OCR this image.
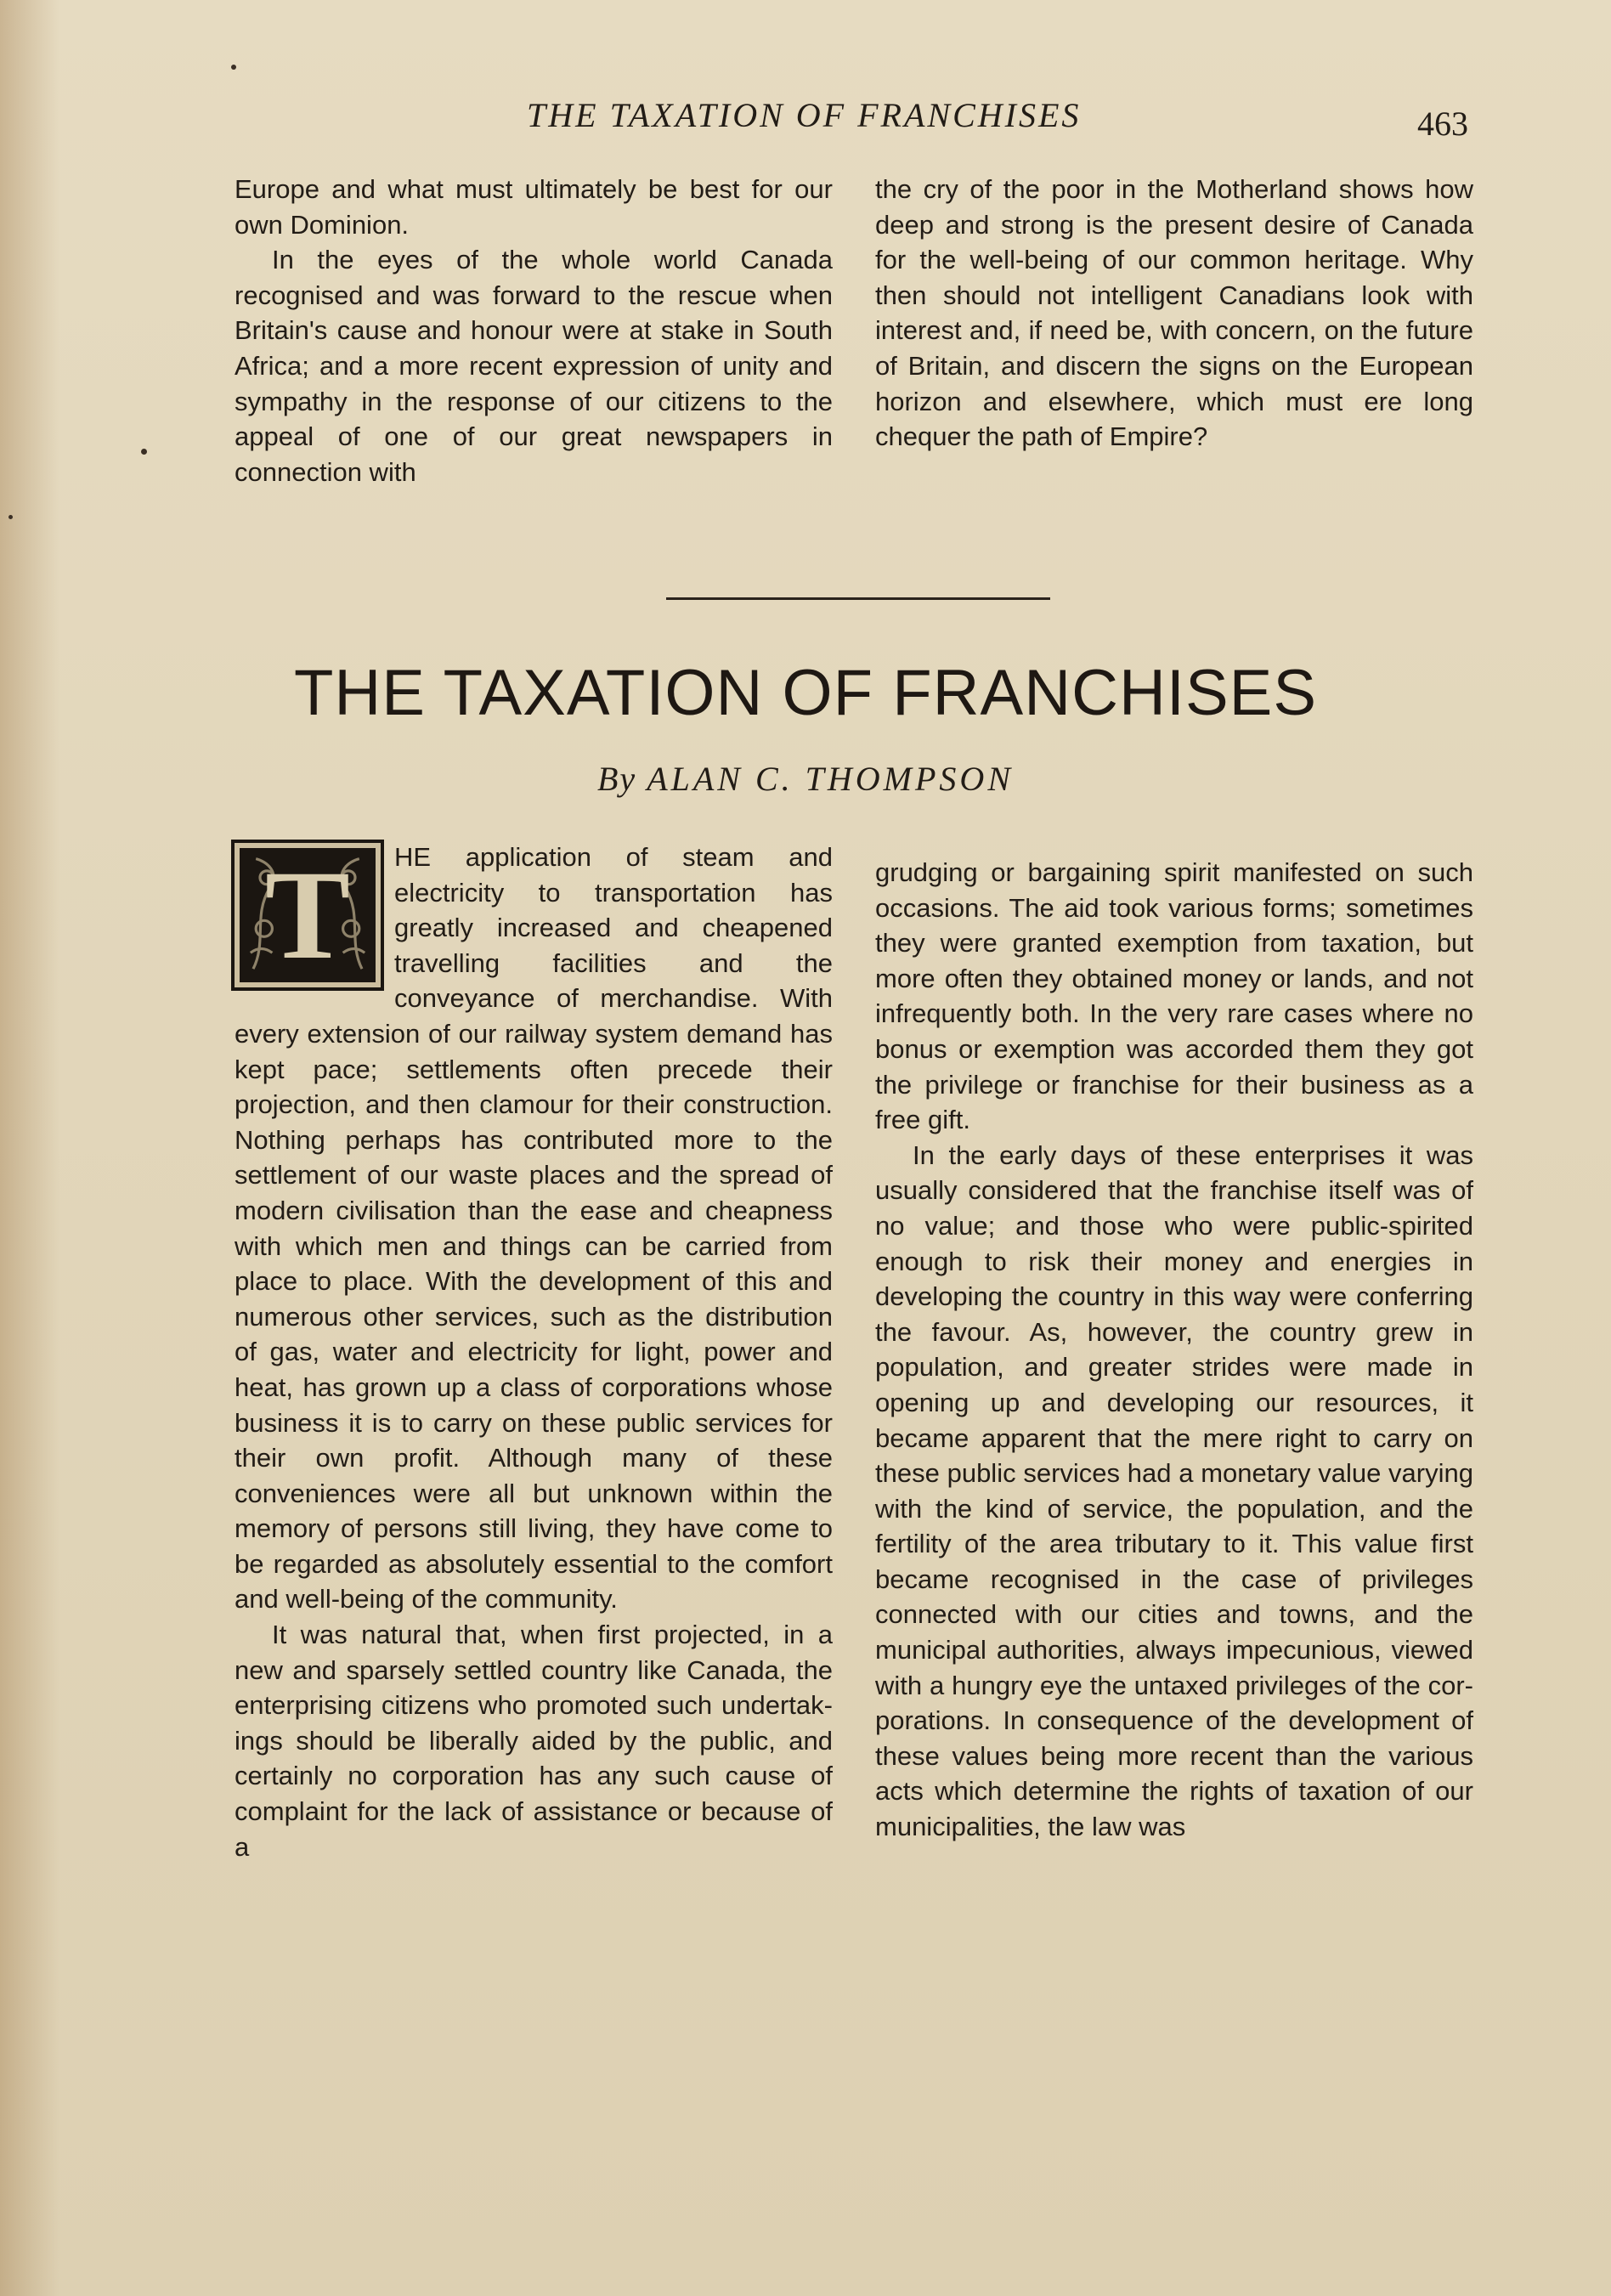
THE TAXATION OF FRANCHISES	463

Europe and what must ultimately be best for our own Dominion.

In the eyes of the whole world Canada recognised and was forward to the rescue when Britain's cause and honour were at stake in South Africa; and a more recent expression of unity and sympathy in the response of our citizens to the appeal of one of our great newspapers in connection with

the cry of the poor in the Motherland shows how deep and strong is the present desire of Canada for the well-being of our common heritage. Why then should not intelligent Canadians look with interest and, if need be, with concern, on the future of Britain, and discern the signs on the European horizon and elsewhere, which must ere long chequer the path of Empire?

THE TAXATION OF FRANCHISES
By ALAN C. THOMPSON

T	HE application of steam and electricity to transportation has greatly increased and cheapened travelling facilities and the conveyance of merchandise. With every extension of our railway system demand has kept pace; settlements often precede their projection, and then clamour for their construction. Nothing perhaps has contributed more to the settlement of our waste places and the spread of modern civilisation than the ease and cheapness with which men and things can be carried from place to place. With the development of this and numerous other services, such as the distribution of gas, water and electricity for light, power and heat, has grown up a class of corporations whose business it is to carry on these public services for their own profit. Although many of these conveniences were all but unknown within the memory of persons still living, they have come to be regarded as absolutely essential to the comfort and well-being of the community.

It was natural that, when first projected, in a new and sparsely settled country like Canada, the enterprising citizens who promoted such undertakings should be liberally aided by the public, and certainly no corporation has any such cause of complaint for the lack of assistance or because of a

grudging or bargaining spirit manifested on such occasions. The aid took various forms; sometimes they were granted exemption from taxation, but more often they obtained money or lands, and not infrequently both. In the very rare cases where no bonus or exemption was accorded them they got the privilege or franchise for their business as a free gift.

In the early days of these enterprises it was usually considered that the franchise itself was of no value; and those who were public-spirited enough to risk their money and energies in developing the country in this way were conferring the favour. As, however, the country grew in population, and greater strides were made in opening up and developing our resources, it became apparent that the mere right to carry on these public services had a monetary value varying with the kind of service, the population, and the fertility of the area tributary to it. This value first became recognised in the case of privileges connected with our cities and towns, and the municipal authorities, always impecunious, viewed with a hungry eye the untaxed privileges of the corporations. In consequence of the development of these values being more recent than the various acts which determine the rights of taxation of our municipalities, the law was
